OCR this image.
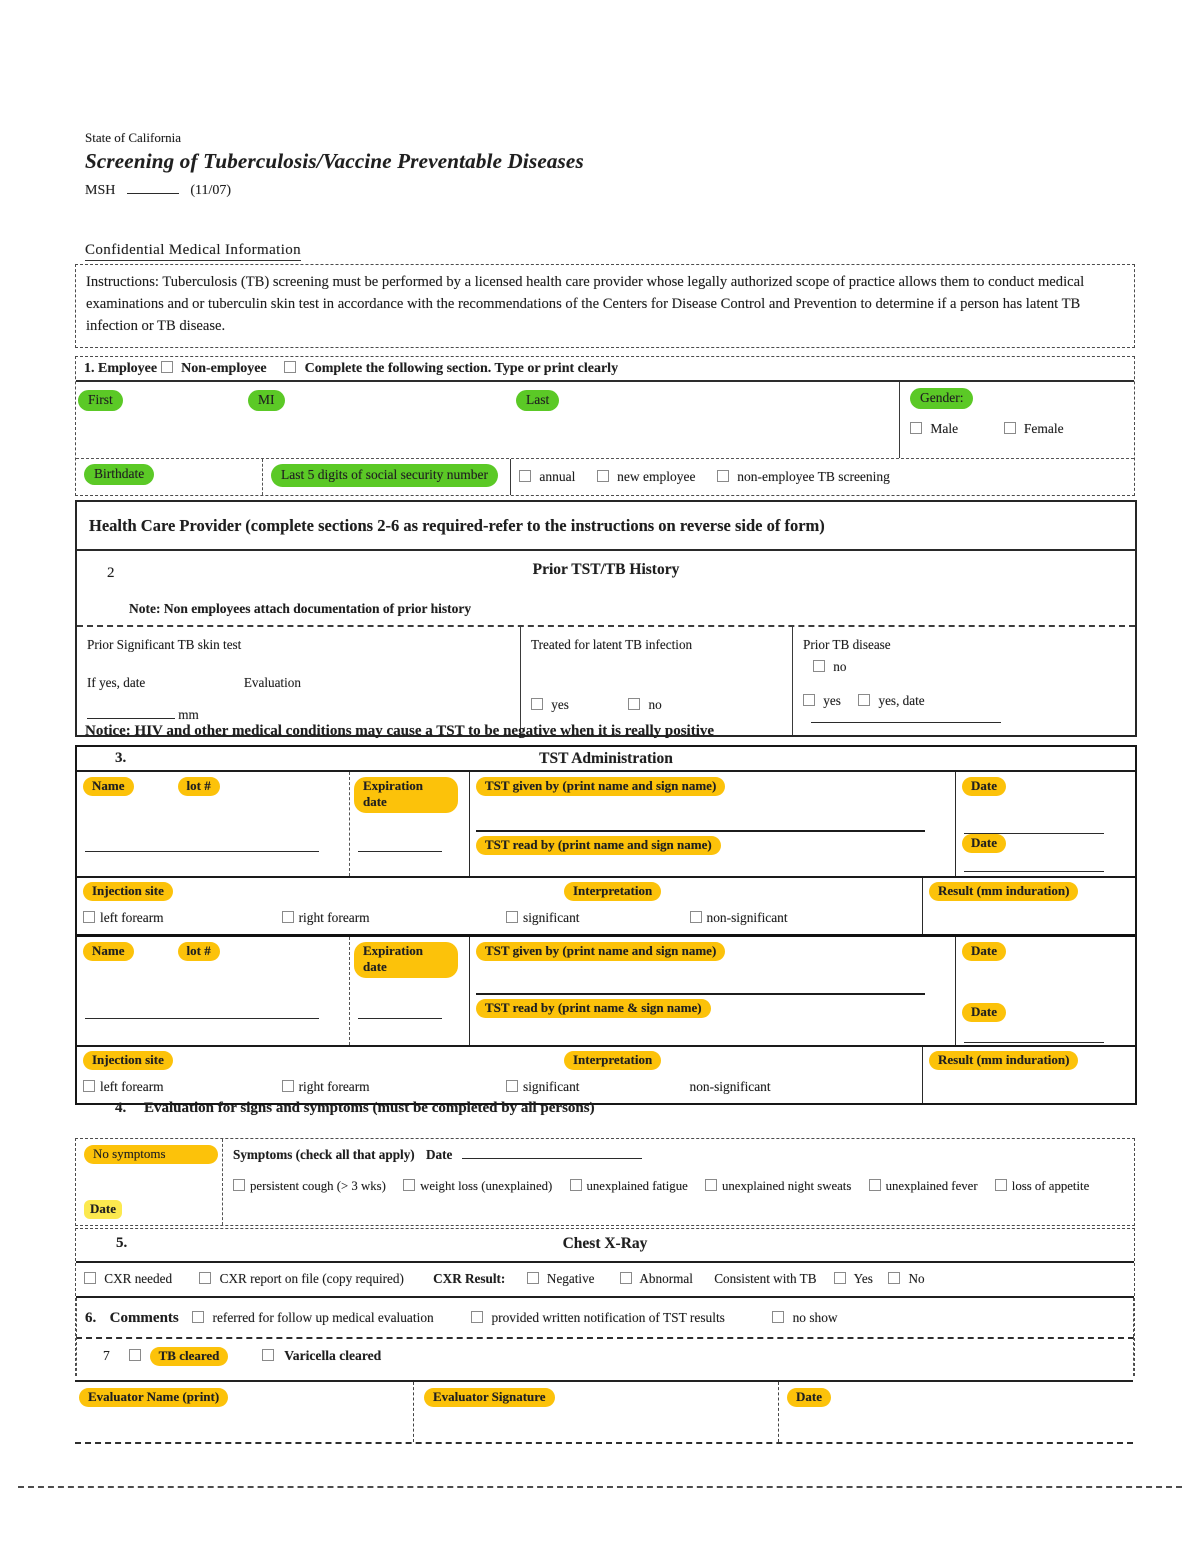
State of California
Screening of Tuberculosis/Vaccine Preventable Diseases
MSH	(11/07)
Confidential Medical Information
Instructions: Tuberculosis (TB) screening must be performed by a licensed health care provider whose legally authorized scope of practice allows them to conduct medical examinations and or tuberculin skin test in accordance with the recommendations of the Centers for Disease Control and Prevention to determine if a person has latent TB infection or TB disease.
1. Employee Non-employee	Complete the following section. Type or print clearly
First	MI	Last	Gender:
Male	Female
Birthdate	Last 5 digits of social security number	annual	new employee	non-employee TB screening
Health Care Provider (complete sections 2-6 as required-refer to the instructions on reverse side of form)
2	Prior TST/TB History
Note: Non employees attach documentation of prior history
Prior Significant TB skin test
If yes, date	Evaluation
mm
Treated for latent TB infection
yes	no
Prior TB disease
no
yes	yes, date
Notice: HIV and other medical conditions may cause a TST to be negative when it is really positive
3.	TST Administration
Name	lot #	Expiration date
TST given by (print name and sign name)
TST read by (print name and sign name)
Date
Date
Injection site
left forearm	right forearm
Interpretation
significant	non-significant
Result (mm induration)
Name	lot #	Expiration date
TST given by (print name and sign name)
TST read by (print name & sign name)
Date
Date
Injection site
left forearm	right forearm
Interpretation
significant	non-significant
Result (mm induration)
4. Evaluation for signs and symptoms (must be completed by all persons)
No symptoms
Date
Symptoms (check all that apply) Date
persistent cough (> 3 wks)	weight loss (unexplained)	unexplained fatigue	unexplained night sweats	unexplained fever	loss of appetite
5.	Chest X-Ray
CXR needed	CXR report on file (copy required) CXR Result:	Negative	Abnormal Consistent with TB	Yes	No
6. Comments	referred for follow up medical evaluation	provided written notification of TST results	no show
7	TB cleared	Varicella cleared
Evaluator Name (print)	Evaluator Signature	Date
